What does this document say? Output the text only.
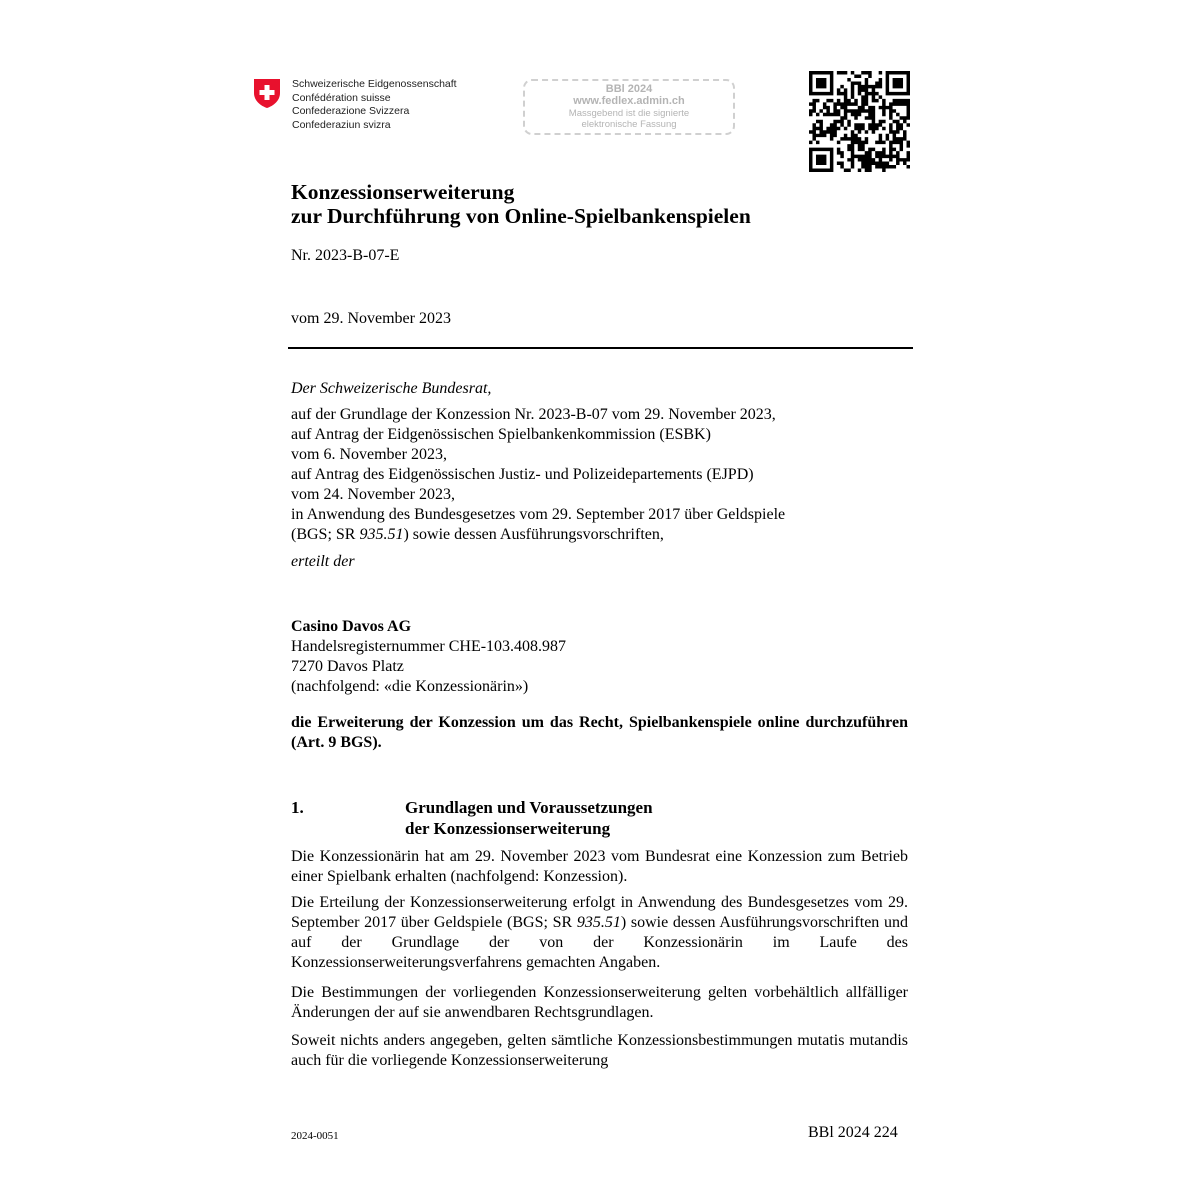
Schweizerische Eidgenossenschaft
Confédération suisse
Confederazione Svizzera
Confederaziun svizra
BBl 2024
www.fedlex.admin.ch
Massgebend ist die signierte
elektronische Fassung
Konzessionserweiterung
zur Durchführung von Online-Spielbankenspielen
Nr. 2023-B-07-E
vom 29. November 2023
Der Schweizerische Bundesrat,
auf der Grundlage der Konzession Nr. 2023-B-07 vom 29. November 2023,
auf Antrag der Eidgenössischen Spielbankenkommission (ESBK)
vom 6. November 2023,
auf Antrag des Eidgenössischen Justiz- und Polizeidepartements (EJPD)
vom 24. November 2023,
in Anwendung des Bundesgesetzes vom 29. September 2017 über Geldspiele
(BGS; SR 935.51) sowie dessen Ausführungsvorschriften,
erteilt der
Casino Davos AG
Handelsregisternummer CHE-103.408.987
7270 Davos Platz
(nachfolgend: «die Konzessionärin»)
die Erweiterung der Konzession um das Recht, Spielbankenspiele online durchzuführen (Art. 9 BGS).
1.	Grundlagen und Voraussetzungen
der Konzessionserweiterung
Die Konzessionärin hat am 29. November 2023 vom Bundesrat eine Konzession zum Betrieb einer Spielbank erhalten (nachfolgend: Konzession).
Die Erteilung der Konzessionserweiterung erfolgt in Anwendung des Bundesgesetzes vom 29. September 2017 über Geldspiele (BGS; SR 935.51) sowie dessen Ausführungsvorschriften und auf der Grundlage der von der Konzessionärin im Laufe des Konzessionserweiterungsverfahrens gemachten Angaben.
Die Bestimmungen der vorliegenden Konzessionserweiterung gelten vorbehältlich allfälliger Änderungen der auf sie anwendbaren Rechtsgrundlagen.
Soweit nichts anders angegeben, gelten sämtliche Konzessionsbestimmungen mutatis mutandis auch für die vorliegende Konzessionserweiterung
2024-0051	BBl 2024 224
